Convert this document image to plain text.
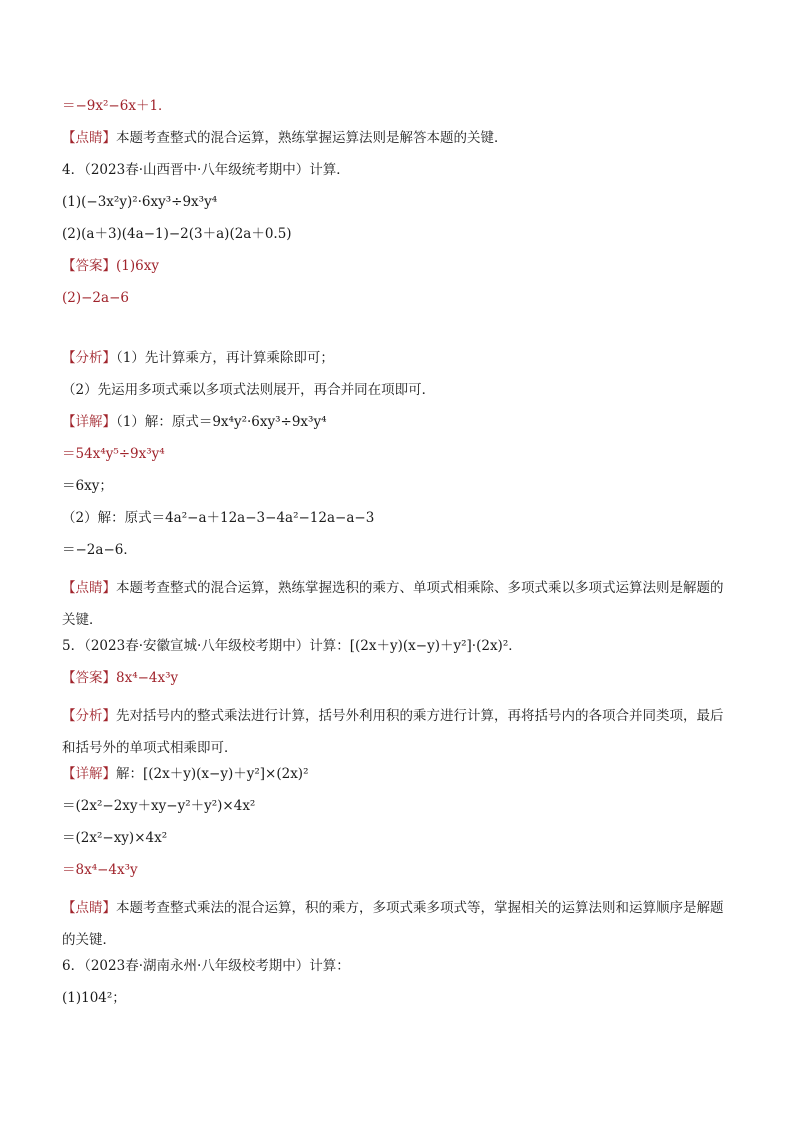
＝−9x²−6x＋1．
【点睛】本题考查整式的混合运算，熟练掌握运算法则是解答本题的关键．
4．（2023春·山西晋中·八年级统考期中）计算．
(1)(−3x²y)²·6xy³÷9x³y⁴
(2)(a＋3)(4a−1)−2(3＋a)(2a＋0.5)
【答案】(1)6xy
(2)−2a−6
【分析】（1）先计算乘方，再计算乘除即可；
（2）先运用多项式乘以多项式法则展开，再合并同在项即可．
【详解】（1）解：原式＝9x⁴y²·6xy³÷9x³y⁴
＝54x⁴y⁵÷9x³y⁴
＝6xy；
（2）解：原式＝4a²−a＋12a−3−4a²−12a−a−3
＝−2a−6．
【点睛】本题考查整式的混合运算，熟练掌握选积的乘方、单项式相乘除、多项式乘以多项式运算法则是解题的关键．
5．（2023春·安徽宣城·八年级校考期中）计算：[(2x＋y)(x−y)＋y²]·(2x)²．
【答案】8x⁴−4x³y
【分析】先对括号内的整式乘法进行计算，括号外利用积的乘方进行计算，再将括号内的各项合并同类项，最后和括号外的单项式相乘即可．
【详解】解：[(2x＋y)(x−y)＋y²]×(2x)²
＝(2x²−2xy＋xy−y²＋y²)×4x²
＝(2x²−xy)×4x²
＝8x⁴−4x³y
【点睛】本题考查整式乘法的混合运算，积的乘方，多项式乘多项式等，掌握相关的运算法则和运算顺序是解题的关键．
6．（2023春·湖南永州·八年级校考期中）计算：
(1)104²；
